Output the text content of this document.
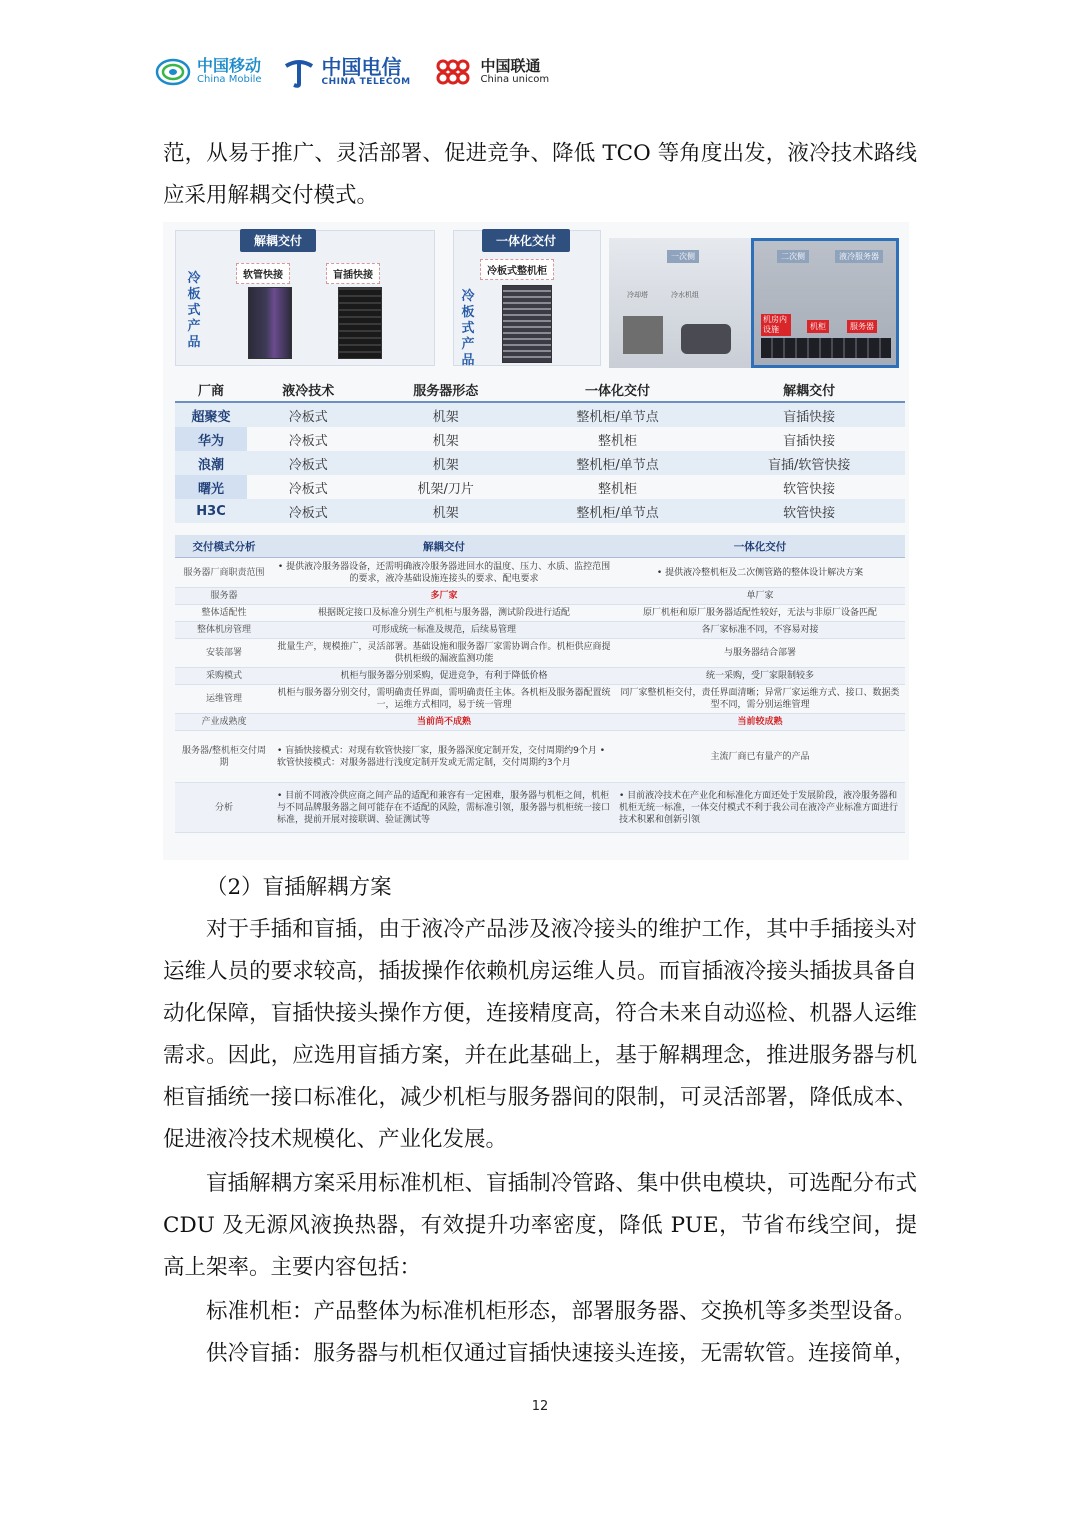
中国移动
China Mobile
中国电信
CHINA TELECOM
中国联通
China unicom

范，从易于推广、灵活部署、促进竞争、降低 TCO 等角度出发，液冷技术路线应采用解耦交付模式。

解耦交付
冷板式产品
软管快接	盲插快接
一体化交付
冷板式产品
冷板式整机柜
一次侧	二次侧	液冷服务器
冷却塔	冷水机组
机房内设施	机柜	服务器
厂商	液冷技术	服务器形态	一体化交付	解耦交付
超聚变	冷板式	机架	整机柜/单节点	盲插快接
华为	冷板式	机架	整机柜	盲插快接
浪潮	冷板式	机架	整机柜/单节点	盲插/软管快接
曙光	冷板式	机架/刀片	整机柜	软管快接
H3C	冷板式	机架	整机柜/单节点	软管快接
交付模式分析	解耦交付	一体化交付
服务器厂商职责范围	• 提供液冷服务器设备，还需明确液冷服务器进回水的温度、压力、水质、监控范围的要求，液冷基础设施连接头的要求、配电要求	• 提供液冷整机柜及二次侧管路的整体设计解决方案
服务器	多厂家	单厂家
整体适配性	根据既定接口及标准分别生产机柜与服务器，测试阶段进行适配	原厂机柜和原厂服务器适配性较好，无法与非原厂设备匹配
整体机房管理	可形成统一标准及规范，后续易管理	各厂家标准不同，不容易对接
安装部署	批量生产，规模推广，灵活部署。基础设施和服务器厂家需协调合作。机柜供应商提供机柜级的漏液监测功能	与服务器结合部署
采购模式	机柜与服务器分别采购，促进竞争，有利于降低价格	统一采购，受厂家限制较多
运维管理	机柜与服务器分别交付，需明确责任界面，需明确责任主体。各机柜及服务器配置统一，运维方式相同，易于统一管理	同厂家整机柜交付，责任界面清晰；异常厂家运维方式、接口、数据类型不同，需分别运维管理
产业成熟度	当前尚不成熟	当前较成熟
服务器/整机柜交付周期	• 盲插快接模式：对现有软管快接厂家，服务器深度定制开发，交付周期约9个月 • 软管快接模式：对服务器进行浅度定制开发或无需定制，交付周期约3个月	主流厂商已有量产的产品
分析	• 目前不同液冷供应商之间产品的适配和兼容有一定困难，服务器与机柜之间，机柜与不同品牌服务器之间可能存在不适配的风险，需标准引领，服务器与机柜统一接口标准，提前开展对接联调、验证测试等	• 目前液冷技术在产业化和标准化方面还处于发展阶段，液冷服务器和机柜无统一标准，一体交付模式不利于我公司在液冷产业标准方面进行技术积累和创新引领

（2）盲插解耦方案

对于手插和盲插，由于液冷产品涉及液冷接头的维护工作，其中手插接头对运维人员的要求较高，插拔操作依赖机房运维人员。而盲插液冷接头插拔具备自动化保障，盲插快接头操作方便，连接精度高，符合未来自动巡检、机器人运维需求。因此，应选用盲插方案，并在此基础上，基于解耦理念，推进服务器与机柜盲插统一接口标准化，减少机柜与服务器间的限制，可灵活部署，降低成本、促进液冷技术规模化、产业化发展。

盲插解耦方案采用标准机柜、盲插制冷管路、集中供电模块，可选配分布式 CDU 及无源风液换热器，有效提升功率密度，降低 PUE，节省布线空间，提高上架率。主要内容包括：

标准机柜：产品整体为标准机柜形态，部署服务器、交换机等多类型设备。

供冷盲插：服务器与机柜仅通过盲插快速接头连接，无需软管。连接简单，

12
